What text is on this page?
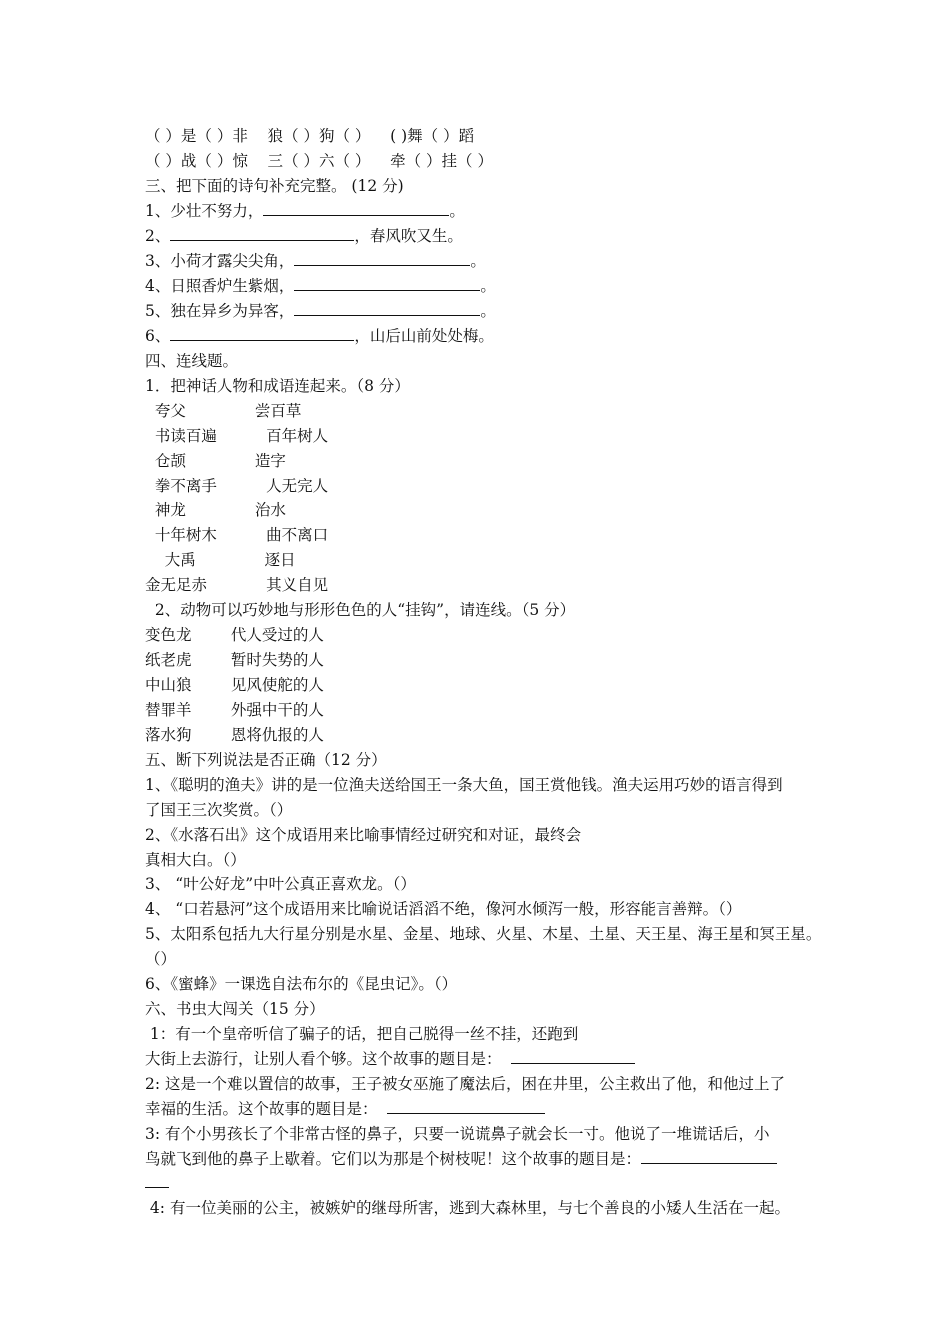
（ ）是（ ）非    狼（ ）狗（ ）    ( )舞（ ）蹈
（ ）战（ ）惊    三（ ）六（ ）    牵（ ）挂（ ）
三、把下面的诗句补充完整。 (12 分)
1、少壮不努力，	。
2、	，春风吹又生。
3、小荷才露尖尖角，	。
4、日照香炉生紫烟，	。
5、独在异乡为异客，	。
6、	，山后山前处处梅。
四、连线题。
1．把神话人物和成语连起来。（8 分）
夸父              尝百草
书读百遍          百年树人
仓颉              造字
拳不离手          人无完人
神龙              治水
十年树木          曲不离口
大禹              逐日
金无足赤            其义自见
2、动物可以巧妙地与形形色色的人“挂钩”，请连线。（5 分）
变色龙        代人受过的人
纸老虎        暂时失势的人
中山狼        见风使舵的人
替罪羊        外强中干的人
落水狗        恩将仇报的人
五、断下列说法是否正确（12 分）
1、《聪明的渔夫》讲的是一位渔夫送给国王一条大鱼，国王赏他钱。渔夫运用巧妙的语言得到
了国王三次奖赏。（）
2、《水落石出》这个成语用来比喻事情经过研究和对证，最终会
真相大白。（）
3、 “叶公好龙”中叶公真正喜欢龙。（）
4、 “口若悬河”这个成语用来比喻说话滔滔不绝，像河水倾泻一般，形容能言善辩。（）
5、太阳系包括九大行星分别是水星、金星、地球、火星、木星、土星、天王星、海王星和冥王星。
（）
6、《蜜蜂》一课选自法布尔的《昆虫记》。（）
六、书虫大闯关（15 分）
1：有一个皇帝听信了骗子的话，把自己脱得一丝不挂，还跑到
大街上去游行，让别人看个够。这个故事的题目是：
2: 这是一个难以置信的故事，王子被女巫施了魔法后，困在井里，公主救出了他，和他过上了
幸福的生活。这个故事的题目是：
3: 有个小男孩长了个非常古怪的鼻子，只要一说谎鼻子就会长一寸。他说了一堆谎话后，小
鸟就飞到他的鼻子上歇着。它们以为那是个树枝呢！这个故事的题目是：
4: 有一位美丽的公主，被嫉妒的继母所害，逃到大森林里，与七个善良的小矮人生活在一起。
